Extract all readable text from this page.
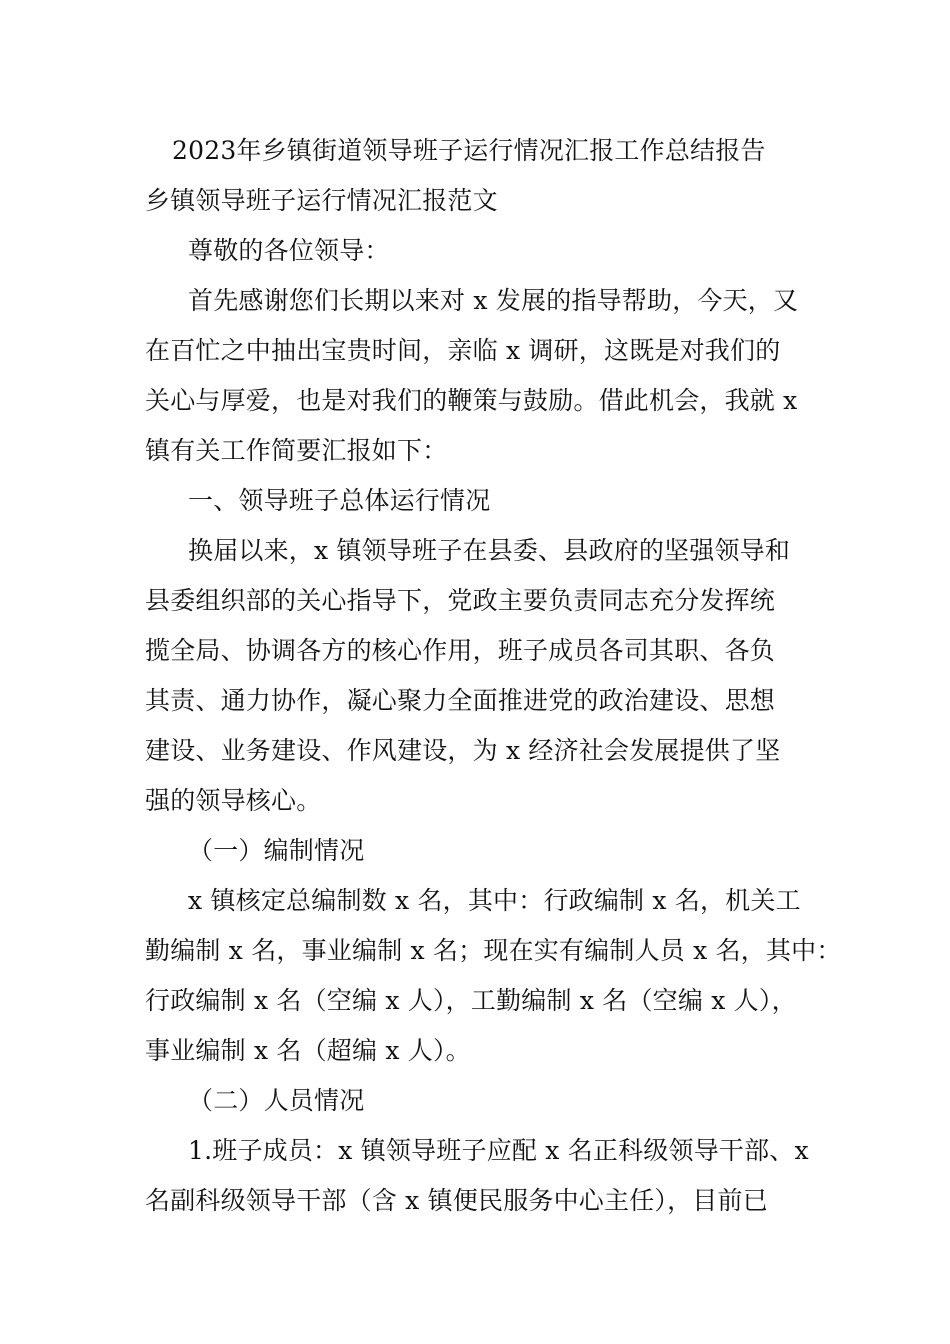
2023年乡镇街道领导班子运行情况汇报工作总结报告
乡镇领导班子运行情况汇报范文
尊敬的各位领导：
首先感谢您们长期以来对 x 发展的指导帮助，今天，又
在百忙之中抽出宝贵时间，亲临 x 调研，这既是对我们的
关心与厚爱，也是对我们的鞭策与鼓励。借此机会，我就 x
镇有关工作简要汇报如下：
一、领导班子总体运行情况
换届以来，x 镇领导班子在县委、县政府的坚强领导和
县委组织部的关心指导下，党政主要负责同志充分发挥统
揽全局、协调各方的核心作用，班子成员各司其职、各负
其责、通力协作，凝心聚力全面推进党的政治建设、思想
建设、业务建设、作风建设，为 x 经济社会发展提供了坚
强的领导核心。
（一）编制情况
x 镇核定总编制数 x 名，其中：行政编制 x 名，机关工
勤编制 x 名，事业编制 x 名；现在实有编制人员 x 名，其中：
行政编制 x 名（空编 x 人），工勤编制 x 名（空编 x 人），
事业编制 x 名（超编 x 人）。
（二）人员情况
1.班子成员：x 镇领导班子应配 x 名正科级领导干部、x
名副科级领导干部（含 x 镇便民服务中心主任），目前已
